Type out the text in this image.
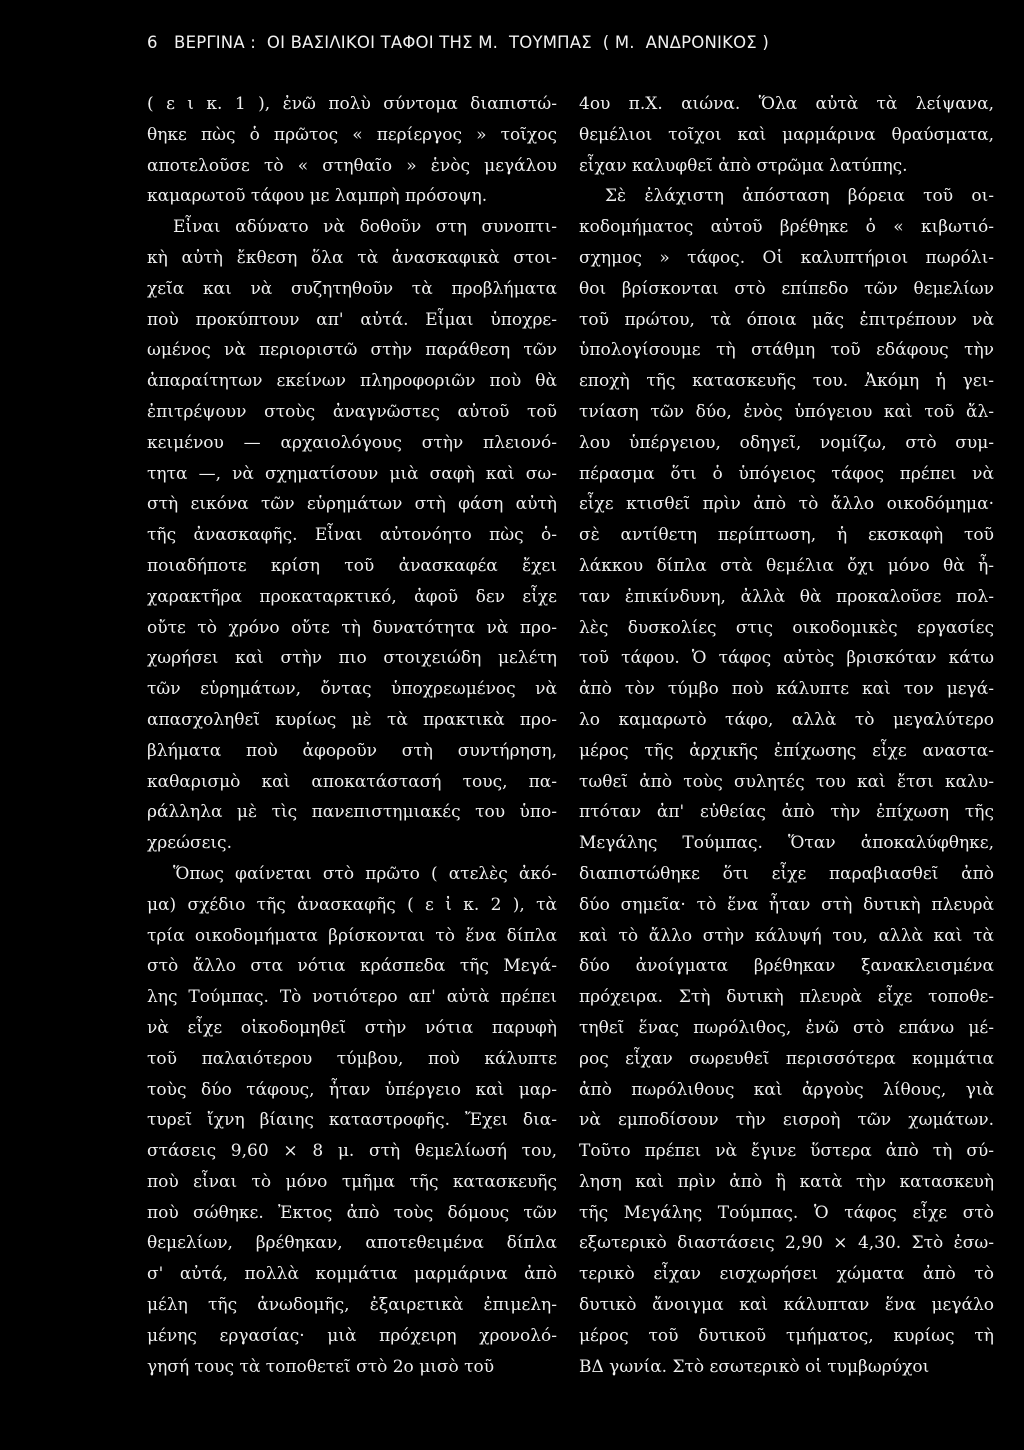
6 ΒΕΡΓΙΝΑ :  ΟΙ ΒΑΣΙΛΙΚΟΙ ΤΑΦΟΙ ΤΗΣ Μ.  ΤΟΥΜΠΑΣ  ( Μ.  ΑΝΔΡΟΝΙΚΟΣ )
( ε ι κ. 1 ), ἐνῶ πολὺ σύντομα διαπιστώ-
θηκε πὼς ὁ πρῶτος « περίεργος » τοῖχος
αποτελοῦσε τὸ « στηθαῖο » ἑνὸς μεγάλου
καμαρωτοῦ τάφου με λαμπρὴ πρόσοψη.
Εἶναι αδύνατο νὰ δοθοῦν στη συνοπτι-
κὴ αὐτὴ ἔκθεση ὅλα τὰ ἀνασκαφικὰ στοι-
χεῖα και νὰ συζητηθοῦν τὰ προβλήματα
ποὺ προκύπτουν απ' αὐτά. Εἶμαι ὑποχρε-
ωμένος νὰ περιοριστῶ στὴν παράθεση τῶν
ἀπαραίτητων εκείνων πληροφοριῶν ποὺ θὰ
ἐπιτρέψουν στοὺς ἀναγνῶστες αὐτοῦ τοῦ
κειμένου — αρχαιολόγους στὴν πλειονό-
τητα —, νὰ σχηματίσουν μιὰ σαφὴ καὶ σω-
στὴ εικόνα τῶν εὑρημάτων στὴ φάση αὐτὴ
τῆς ἀνασκαφῆς. Εἶναι αὐτονόητο πὼς ὁ-
ποιαδήποτε κρίση τοῦ ἀνασκαφέα ἔχει
χαρακτῆρα προκαταρκτικό, ἀφοῦ δεν εἶχε
οὔτε τὸ χρόνο οὔτε τὴ δυνατότητα νὰ προ-
χωρήσει καὶ στὴν πιο στοιχειώδη μελέτη
τῶν εὑρημάτων, ὄντας ὑποχρεωμένος νὰ
απασχοληθεῖ κυρίως μὲ τὰ πρακτικὰ προ-
βλήματα ποὺ ἀφοροῦν στὴ συντήρηση,
καθαρισμὸ καὶ αποκατάστασή τους, πα-
ράλληλα μὲ τὶς πανεπιστημιακές του ὑπο-
χρεώσεις.
Ὅπως φαίνεται στὸ πρῶτο ( ατελὲς ἀκό-
μα) σχέδιο τῆς ἀνασκαφῆς ( ε ἰ κ. 2 ), τὰ
τρία οικοδομήματα βρίσκονται τὸ ἕνα δίπλα
στὸ ἄλλο στα νότια κράσπεδα τῆς Μεγά-
λης Τούμπας. Τὸ νοτιότερο απ' αὐτὰ πρέπει
νὰ εἶχε οἰκοδομηθεῖ στὴν νότια παρυφὴ
τοῦ παλαιότερου τύμβου, ποὺ κάλυπτε
τοὺς δύο τάφους, ἦταν ὑπέργειο καὶ μαρ-
τυρεῖ ἴχνη βίαιης καταστροφῆς. Ἔχει δια-
στάσεις 9,60 × 8 μ. στὴ θεμελίωσή του,
ποὺ εἶναι τὸ μόνο τμῆμα τῆς κατασκευῆς
ποὺ σώθηκε. Ἐκτος ἀπὸ τοὺς δόμους τῶν
θεμελίων, βρέθηκαν, αποτεθειμένα δίπλα
σ' αὐτά, πολλὰ κομμάτια μαρμάρινα ἀπὸ
μέλη τῆς ἀνωδομῆς, ἐξαιρετικὰ ἐπιμελη-
μένης εργασίας· μιὰ πρόχειρη χρονολό-
γησή τους τὰ τοποθετεῖ στὸ 2ο μισὸ τοῦ
4ου π.Χ. αιώνα. Ὅλα αὐτὰ τὰ λείψανα,
θεμέλιοι τοῖχοι καὶ μαρμάρινα θραύσματα,
εἶχαν καλυφθεῖ ἀπὸ στρῶμα λατύπης.
Σὲ ἐλάχιστη ἀπόσταση βόρεια τοῦ οι-
κοδομήματος αὐτοῦ βρέθηκε ὁ « κιβωτιό-
σχημος » τάφος. Οἱ καλυπτήριοι πωρόλι-
θοι βρίσκονται στὸ επίπεδο τῶν θεμελίων
τοῦ πρώτου, τὰ όποια μᾶς ἐπιτρέπουν νὰ
ὑπολογίσουμε τὴ στάθμη τοῦ εδάφους τὴν
εποχὴ τῆς κατασκευῆς του. Ἀκόμη ἡ γει-
τνίαση τῶν δύο, ἑνὸς ὑπόγειου καὶ τοῦ ἄλ-
λου ὑπέργειου, οδηγεῖ, νομίζω, στὸ συμ-
πέρασμα ὅτι ὁ ὑπόγειος τάφος πρέπει νὰ
εἶχε κτισθεῖ πρὶν ἀπὸ τὸ ἄλλο οικοδόμημα·
σὲ αντίθετη περίπτωση, ἡ εκσκαφὴ τοῦ
λάκκου δίπλα στὰ θεμέλια ὄχι μόνο θὰ ἦ-
ταν ἐπικίνδυνη, ἀλλὰ θὰ προκαλοῦσε πολ-
λὲς δυσκολίες στις οικοδομικὲς εργασίες
τοῦ τάφου. Ὁ τάφος αὐτὸς βρισκόταν κάτω
ἀπὸ τὸν τύμβο ποὺ κάλυπτε καὶ τον μεγά-
λο καμαρωτὸ τάφο, αλλὰ τὸ μεγαλύτερο
μέρος τῆς ἀρχικῆς ἐπίχωσης εἶχε αναστα-
τωθεῖ ἀπὸ τοὺς συλητές του καὶ ἔτσι καλυ-
πτόταν ἀπ' εὐθείας ἀπὸ τὴν ἐπίχωση τῆς
Μεγάλης Τούμπας. Ὅταν ἀποκαλύφθηκε,
διαπιστώθηκε ὅτι εἶχε παραβιασθεῖ ἀπὸ
δύο σημεῖα· τὸ ἕνα ἦταν στὴ δυτικὴ πλευρὰ
καὶ τὸ ἄλλο στὴν κάλυψή του, αλλὰ καὶ τὰ
δύο ἀνοίγματα βρέθηκαν ξανακλεισμένα
πρόχειρα. Στὴ δυτικὴ πλευρὰ εἶχε τοποθε-
τηθεῖ ἕνας πωρόλιθος, ἐνῶ στὸ επάνω μέ-
ρος εἶχαν σωρευθεῖ περισσότερα κομμάτια
ἀπὸ πωρόλιθους καὶ ἀργοὺς λίθους, γιὰ
νὰ εμποδίσουν τὴν εισροὴ τῶν χωμάτων.
Τοῦτο πρέπει νὰ ἔγινε ὕστερα ἀπὸ τὴ σύ-
ληση καὶ πρὶν ἀπὸ ἢ κατὰ τὴν κατασκευὴ
τῆς Μεγάλης Τούμπας. Ὁ τάφος εἶχε στὸ
εξωτερικὸ διαστάσεις 2,90 × 4,30. Στὸ ἐσω-
τερικὸ εἶχαν εισχωρήσει χώματα ἀπὸ τὸ
δυτικὸ ἄνοιγμα καὶ κάλυπταν ἕνα μεγάλο
μέρος τοῦ δυτικοῦ τμήματος, κυρίως τὴ
ΒΔ γωνία. Στὸ εσωτερικὸ οἱ τυμβωρύχοι
